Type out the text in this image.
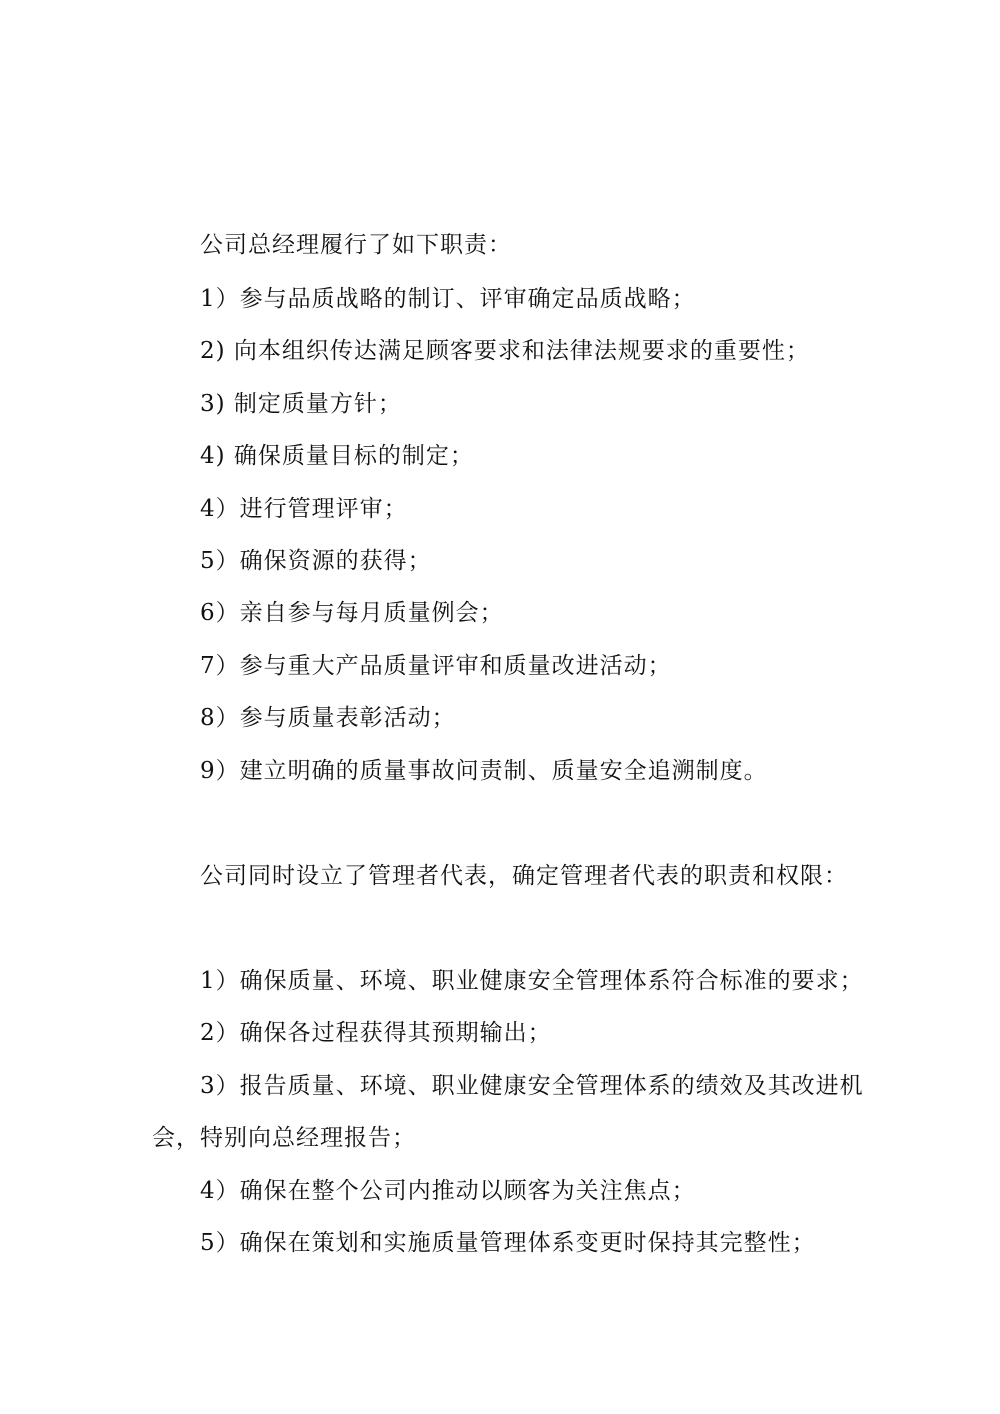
公司总经理履行了如下职责：
1）参与品质战略的制订、评审确定品质战略；
2) 向本组织传达满足顾客要求和法律法规要求的重要性；
3) 制定质量方针；
4) 确保质量目标的制定；
4）进行管理评审；
5）确保资源的获得；
6）亲自参与每月质量例会；
7）参与重大产品质量评审和质量改进活动；
8）参与质量表彰活动；
9）建立明确的质量事故问责制、质量安全追溯制度。
公司同时设立了管理者代表，确定管理者代表的职责和权限：
1）确保质量、环境、职业健康安全管理体系符合标准的要求；
2）确保各过程获得其预期输出；
3）报告质量、环境、职业健康安全管理体系的绩效及其改进机
会，特别向总经理报告；
4）确保在整个公司内推动以顾客为关注焦点；
5）确保在策划和实施质量管理体系变更时保持其完整性；
